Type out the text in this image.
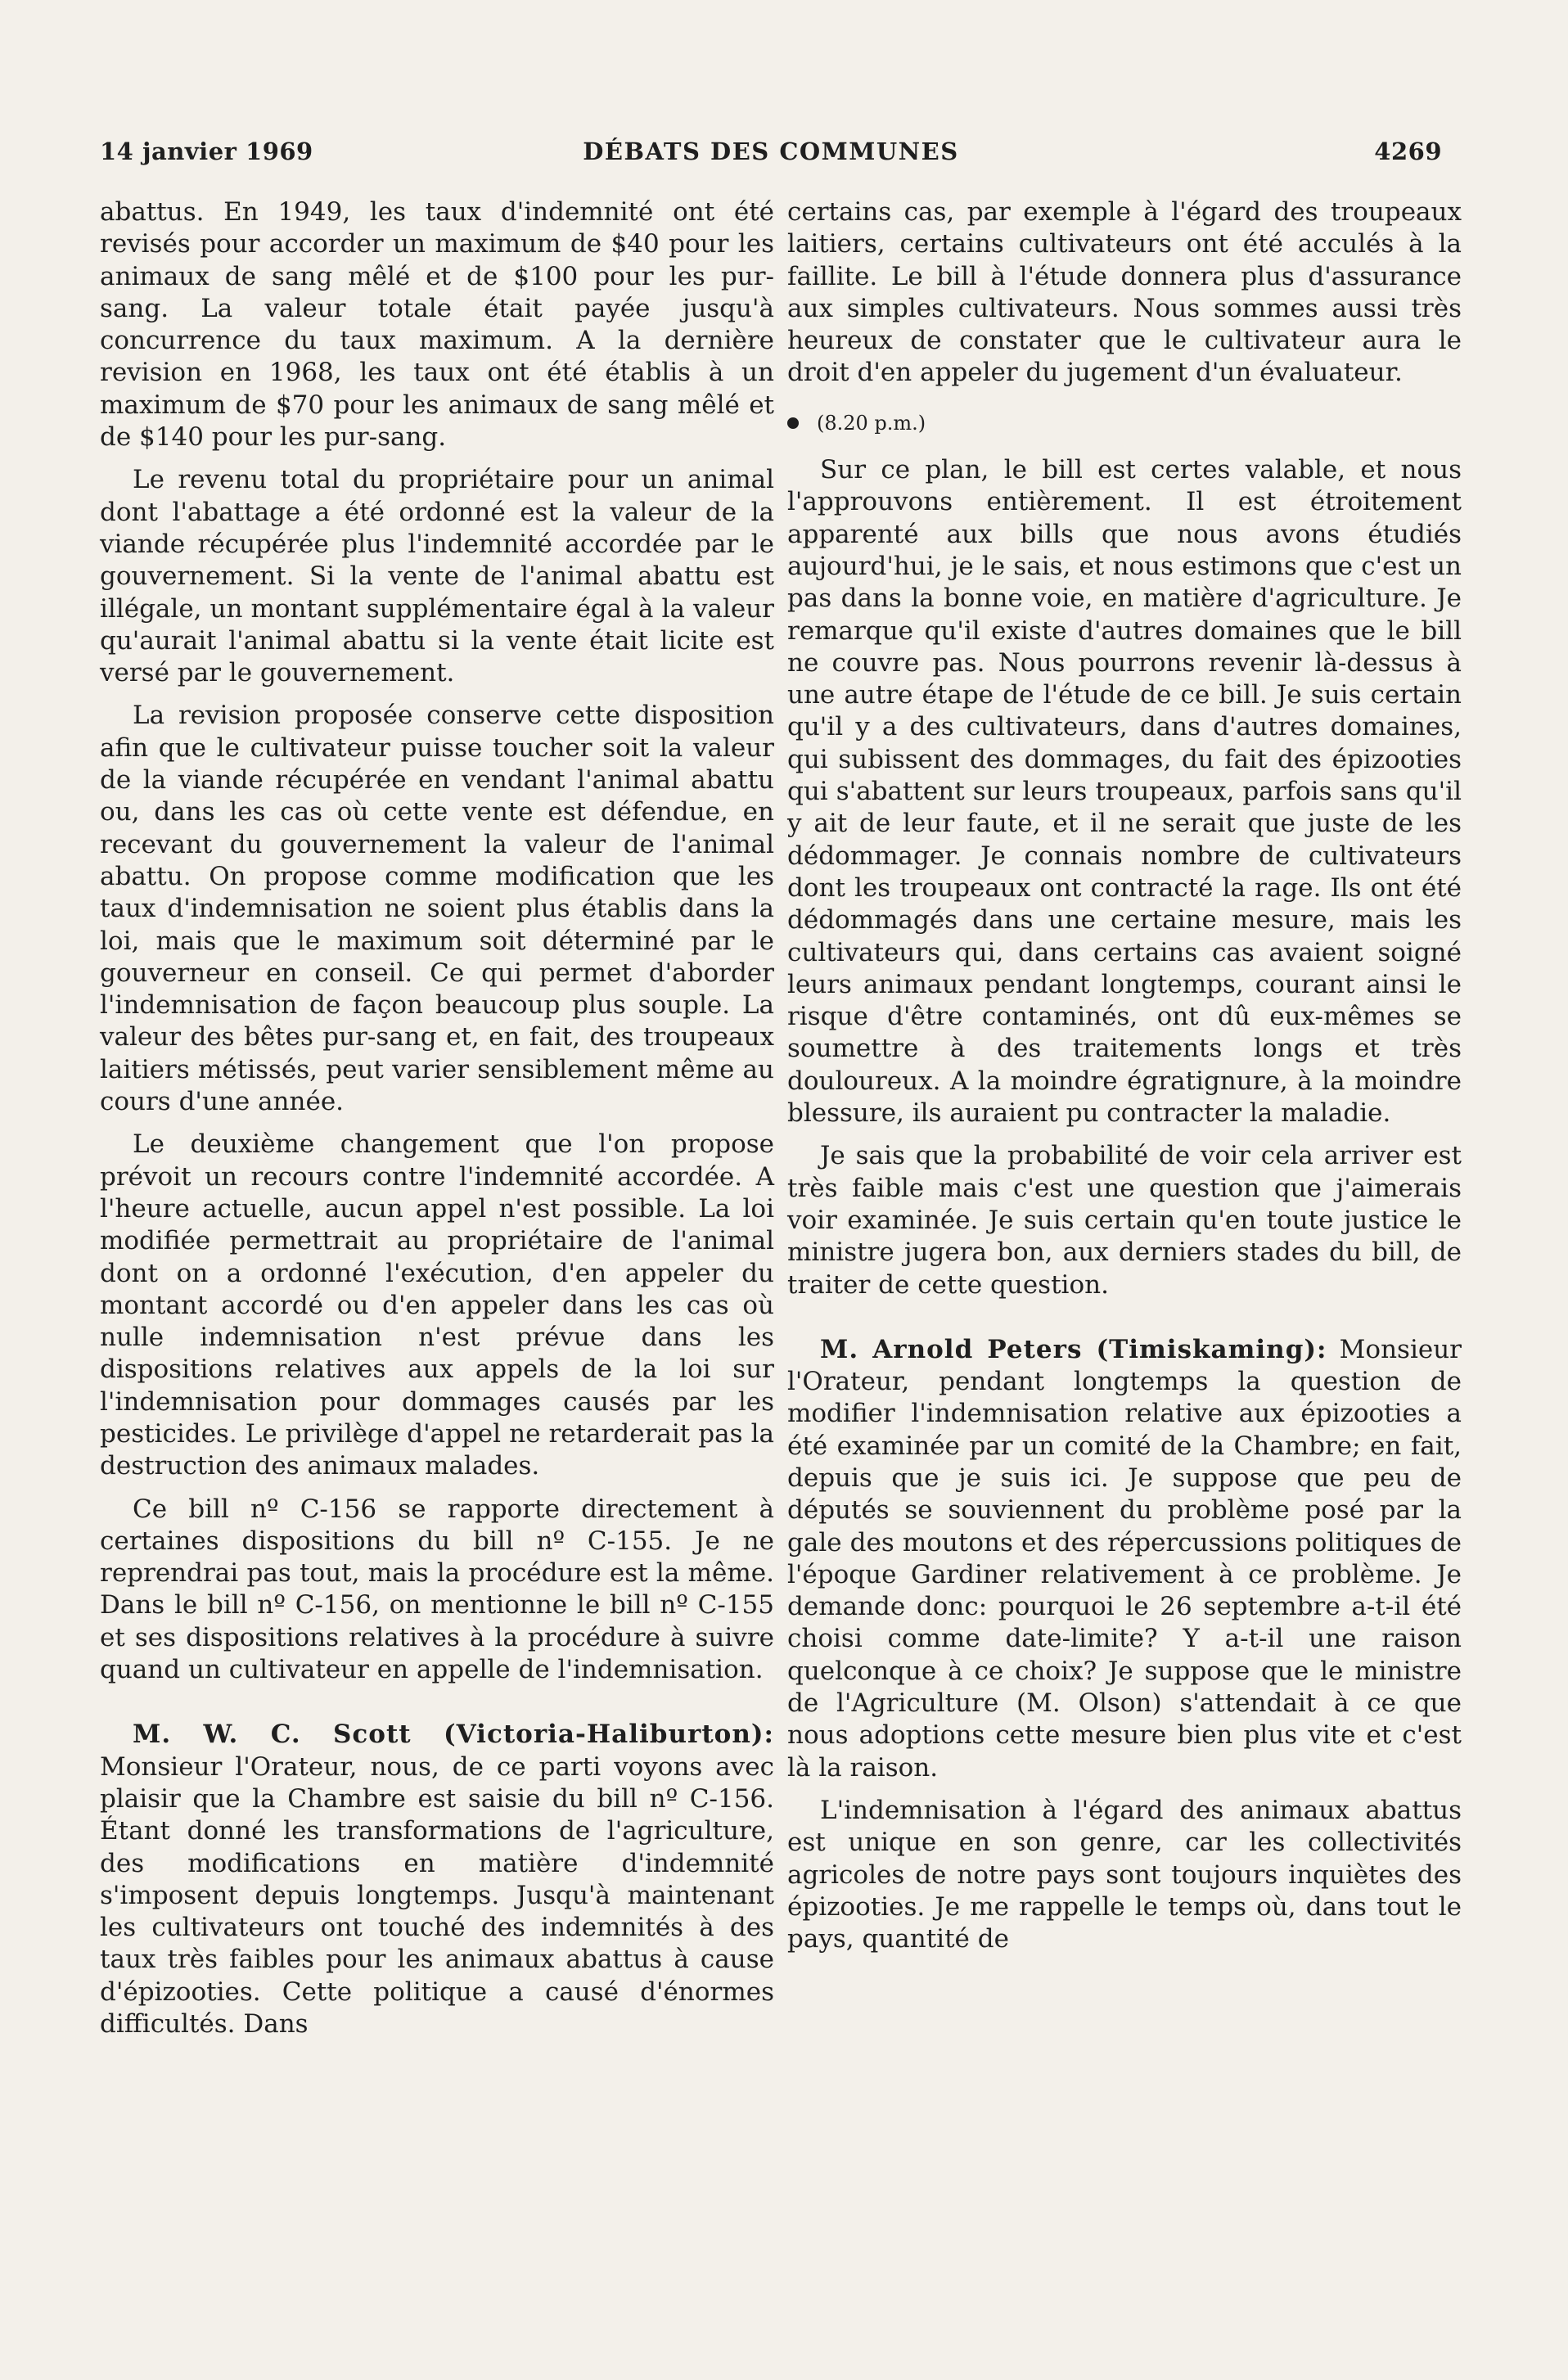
14 janvier 1969	DÉBATS DES COMMUNES	4269

abattus. En 1949, les taux d'indemnité ont été revisés pour accorder un maximum de $40 pour les animaux de sang mêlé et de $100 pour les pur-sang. La valeur totale était payée jusqu'à concurrence du taux maximum. A la dernière revision en 1968, les taux ont été établis à un maximum de $70 pour les animaux de sang mêlé et de $140 pour les pur-sang.

Le revenu total du propriétaire pour un animal dont l'abattage a été ordonné est la valeur de la viande récupérée plus l'indemnité accordée par le gouvernement. Si la vente de l'animal abattu est illégale, un montant supplémentaire égal à la valeur qu'aurait l'animal abattu si la vente était licite est versé par le gouvernement.

La revision proposée conserve cette disposition afin que le cultivateur puisse toucher soit la valeur de la viande récupérée en vendant l'animal abattu ou, dans les cas où cette vente est défendue, en recevant du gouvernement la valeur de l'animal abattu. On propose comme modification que les taux d'indemnisation ne soient plus établis dans la loi, mais que le maximum soit déterminé par le gouverneur en conseil. Ce qui permet d'aborder l'indemnisation de façon beaucoup plus souple. La valeur des bêtes pur-sang et, en fait, des troupeaux laitiers métissés, peut varier sensiblement même au cours d'une année.

Le deuxième changement que l'on propose prévoit un recours contre l'indemnité accordée. A l'heure actuelle, aucun appel n'est possible. La loi modifiée permettrait au propriétaire de l'animal dont on a ordonné l'exécution, d'en appeler du montant accordé ou d'en appeler dans les cas où nulle indemnisation n'est prévue dans les dispositions relatives aux appels de la loi sur l'indemnisation pour dommages causés par les pesticides. Le privilège d'appel ne retarderait pas la destruction des animaux malades.

Ce bill nº C-156 se rapporte directement à certaines dispositions du bill nº C-155. Je ne reprendrai pas tout, mais la procédure est la même. Dans le bill nº C-156, on mentionne le bill nº C-155 et ses dispositions relatives à la procédure à suivre quand un cultivateur en appelle de l'indemnisation.

M. W. C. Scott (Victoria-Haliburton): Monsieur l'Orateur, nous, de ce parti voyons avec plaisir que la Chambre est saisie du bill nº C-156. Étant donné les transformations de l'agriculture, des modifications en matière d'indemnité s'imposent depuis longtemps. Jusqu'à maintenant les cultivateurs ont touché des indemnités à des taux très faibles pour les animaux abattus à cause d'épizooties. Cette politique a causé d'énormes difficultés. Dans

certains cas, par exemple à l'égard des troupeaux laitiers, certains cultivateurs ont été acculés à la faillite. Le bill à l'étude donnera plus d'assurance aux simples cultivateurs. Nous sommes aussi très heureux de constater que le cultivateur aura le droit d'en appeler du jugement d'un évaluateur.

(8.20 p.m.)

Sur ce plan, le bill est certes valable, et nous l'approuvons entièrement. Il est étroitement apparenté aux bills que nous avons étudiés aujourd'hui, je le sais, et nous estimons que c'est un pas dans la bonne voie, en matière d'agriculture. Je remarque qu'il existe d'autres domaines que le bill ne couvre pas. Nous pourrons revenir là-dessus à une autre étape de l'étude de ce bill. Je suis certain qu'il y a des cultivateurs, dans d'autres domaines, qui subissent des dommages, du fait des épizooties qui s'abattent sur leurs troupeaux, parfois sans qu'il y ait de leur faute, et il ne serait que juste de les dédommager. Je connais nombre de cultivateurs dont les troupeaux ont contracté la rage. Ils ont été dédommagés dans une certaine mesure, mais les cultivateurs qui, dans certains cas avaient soigné leurs animaux pendant longtemps, courant ainsi le risque d'être contaminés, ont dû eux-mêmes se soumettre à des traitements longs et très douloureux. A la moindre égratignure, à la moindre blessure, ils auraient pu contracter la maladie.

Je sais que la probabilité de voir cela arriver est très faible mais c'est une question que j'aimerais voir examinée. Je suis certain qu'en toute justice le ministre jugera bon, aux derniers stades du bill, de traiter de cette question.

M. Arnold Peters (Timiskaming): Monsieur l'Orateur, pendant longtemps la question de modifier l'indemnisation relative aux épizooties a été examinée par un comité de la Chambre; en fait, depuis que je suis ici. Je suppose que peu de députés se souviennent du problème posé par la gale des moutons et des répercussions politiques de l'époque Gardiner relativement à ce problème. Je demande donc: pourquoi le 26 septembre a-t-il été choisi comme date-limite? Y a-t-il une raison quelconque à ce choix? Je suppose que le ministre de l'Agriculture (M. Olson) s'attendait à ce que nous adoptions cette mesure bien plus vite et c'est là la raison.

L'indemnisation à l'égard des animaux abattus est unique en son genre, car les collectivités agricoles de notre pays sont toujours inquiètes des épizooties. Je me rappelle le temps où, dans tout le pays, quantité de
